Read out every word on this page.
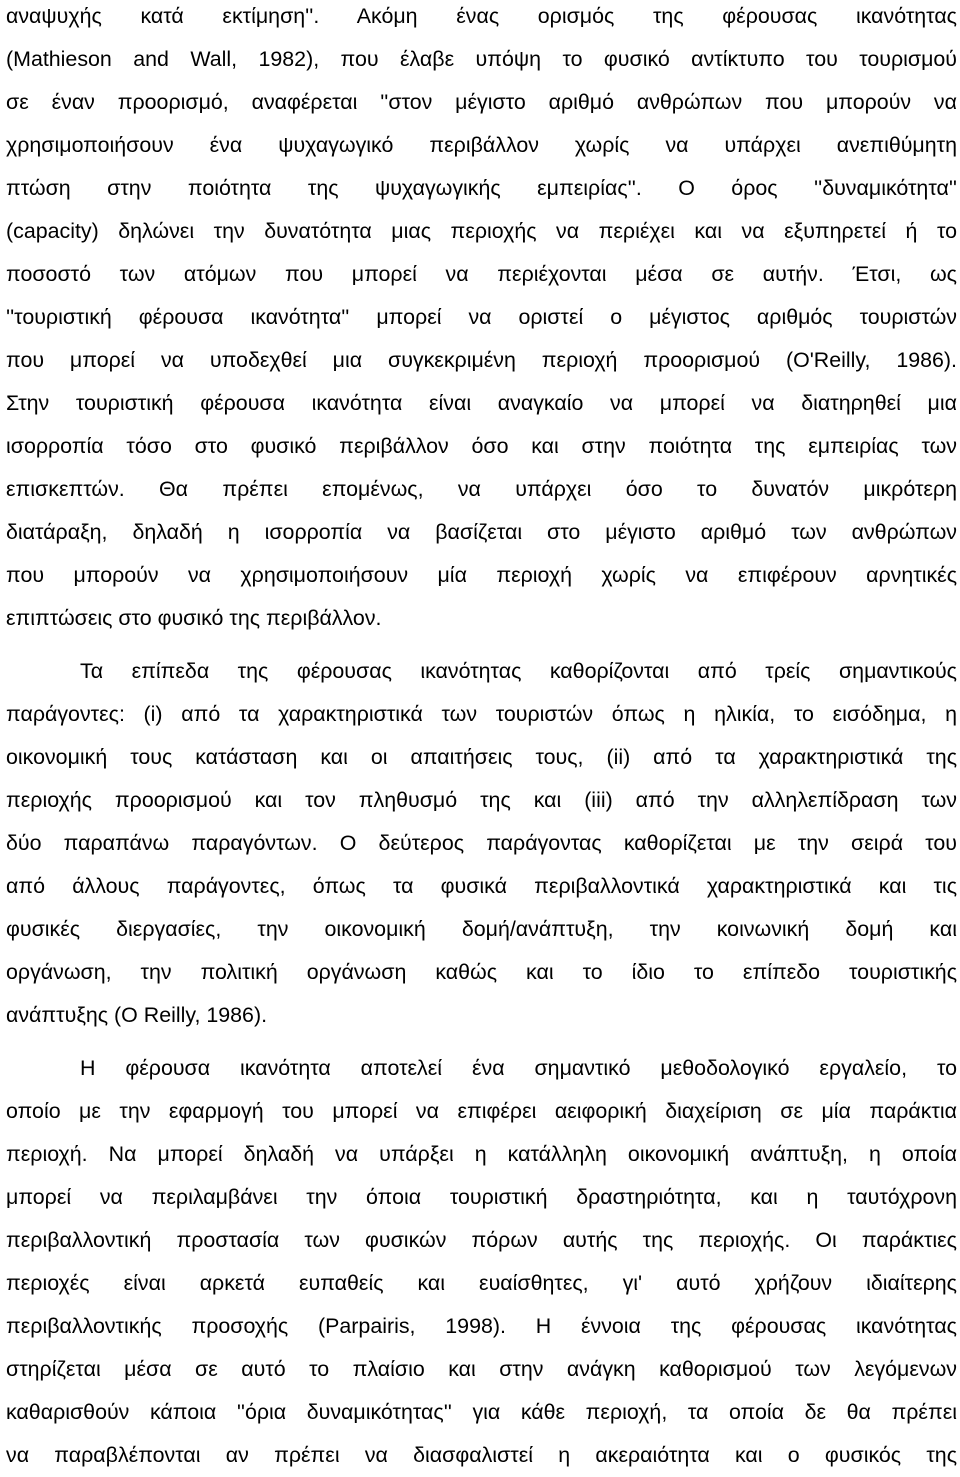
αναψυχής κατά εκτίμηση''. Ακόμη ένας ορισμός της φέρουσας ικανότητας
(Mathieson and Wall, 1982), που έλαβε υπόψη το φυσικό αντίκτυπο του τουρισμού
σε έναν προορισμό, αναφέρεται ''στον μέγιστο αριθμό ανθρώπων που μπορούν να
χρησιμοποιήσουν ένα ψυχαγωγικό περιβάλλον χωρίς να υπάρχει ανεπιθύμητη
πτώση στην ποιότητα της ψυχαγωγικής εμπειρίας''. Ο όρος ''δυναμικότητα''
(capacity) δηλώνει την δυνατότητα μιας περιοχής να περιέχει και να εξυπηρετεί ή το
ποσοστό των ατόμων που μπορεί να περιέχονται μέσα σε αυτήν. Έτσι, ως
''τουριστική φέρουσα ικανότητα'' μπορεί να οριστεί ο μέγιστος αριθμός τουριστών
που μπορεί να υποδεχθεί μια συγκεκριμένη περιοχή προορισμού (O'Reilly, 1986).
Στην τουριστική φέρουσα ικανότητα είναι αναγκαίο να μπορεί να διατηρηθεί μια
ισορροπία τόσο στο φυσικό περιβάλλον όσο και στην ποιότητα της εμπειρίας των
επισκεπτών. Θα πρέπει επομένως, να υπάρχει όσο το δυνατόν μικρότερη
διατάραξη, δηλαδή η ισορροπία να βασίζεται στο μέγιστο αριθμό των ανθρώπων
που μπορούν να χρησιμοποιήσουν μία περιοχή χωρίς να επιφέρουν αρνητικές
επιπτώσεις στο φυσικό της περιβάλλον.
Τα επίπεδα της φέρουσας ικανότητας καθορίζονται από τρείς σημαντικούς
παράγοντες: (i) από τα χαρακτηριστικά των τουριστών όπως η ηλικία, το εισόδημα, η
οικονομική τους κατάσταση και οι απαιτήσεις τους, (ii) από τα χαρακτηριστικά της
περιοχής προορισμού και τον πληθυσμό της και (iii) από την αλληλεπίδραση των
δύο παραπάνω παραγόντων. Ο δεύτερος παράγοντας καθορίζεται με την σειρά του
από άλλους παράγοντες, όπως τα φυσικά περιβαλλοντικά χαρακτηριστικά και τις
φυσικές διεργασίες, την οικονομική δομή/ανάπτυξη, την κοινωνική δομή και
οργάνωση, την πολιτική οργάνωση καθώς και το ίδιο το επίπεδο τουριστικής
ανάπτυξης (O Reilly, 1986).
Η φέρουσα ικανότητα αποτελεί ένα σημαντικό μεθοδολογικό εργαλείο, το
οποίο με την εφαρμογή του μπορεί να επιφέρει αειφορική διαχείριση σε μία παράκτια
περιοχή. Να μπορεί δηλαδή να υπάρξει η κατάλληλη οικονομική ανάπτυξη, η οποία
μπορεί να περιλαμβάνει την όποια τουριστική δραστηριότητα, και η ταυτόχρονη
περιβαλλοντική προστασία των φυσικών πόρων αυτής της περιοχής. Οι παράκτιες
περιοχές είναι αρκετά ευπαθείς και ευαίσθητες, γι' αυτό χρήζουν ιδιαίτερης
περιβαλλοντικής προσοχής (Parpairis, 1998). Η έννοια της φέρουσας ικανότητας
στηρίζεται μέσα σε αυτό το πλαίσιο και στην ανάγκη καθορισμού των λεγόμενων
καθαρισθούν κάποια ''όρια δυναμικότητας'' για κάθε περιοχή, τα οποία δε θα πρέπει
να παραβλέπονται αν πρέπει να διασφαλιστεί η ακεραιότητα και ο φυσικός της
